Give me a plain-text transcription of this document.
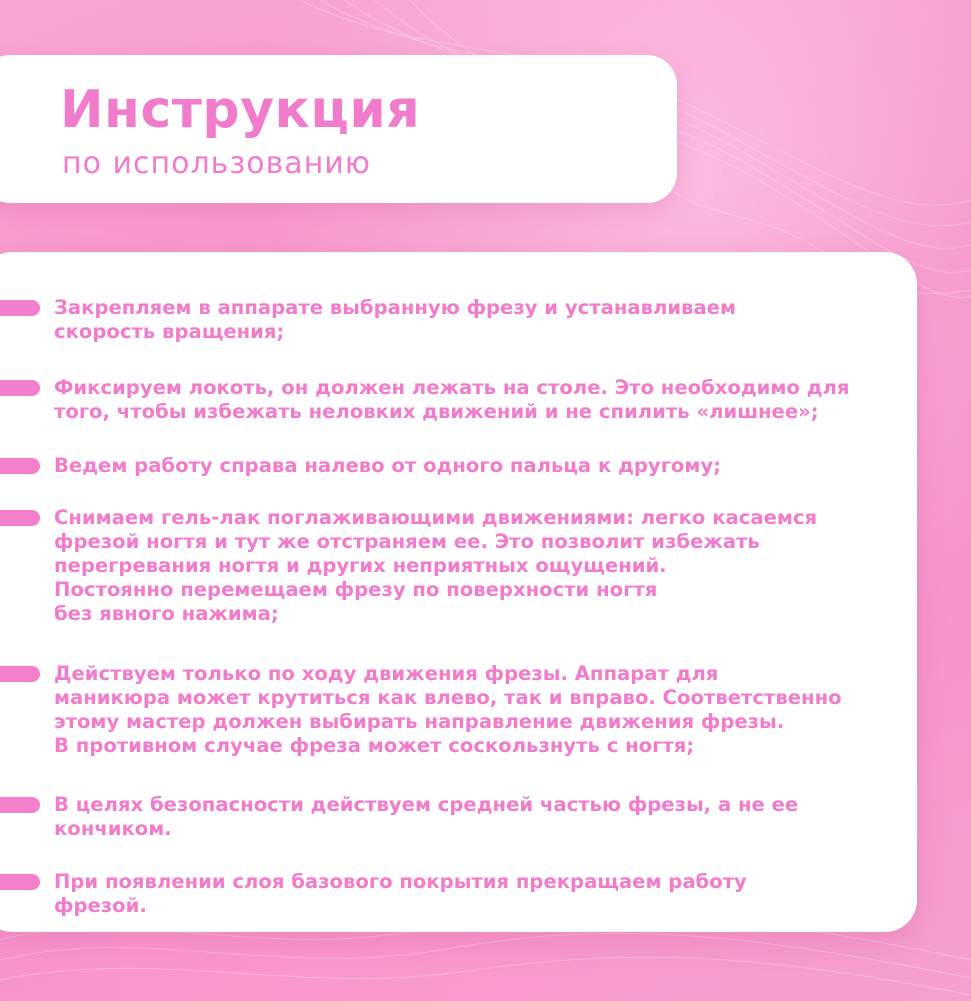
Инструкция
по использованию
Закрепляем в аппарате выбранную фрезу и устанавливаем
скорость вращения;
Фиксируем локоть, он должен лежать на столе. Это необходимо для
того, чтобы избежать неловких движений и не спилить «лишнее»;
Ведем работу справа налево от одного пальца к другому;
Снимаем гель-лак поглаживающими движениями: легко касаемся
фрезой ногтя и тут же отстраняем ее. Это позволит избежать
перегревания ногтя и других неприятных ощущений.
Постоянно перемещаем фрезу по поверхности ногтя
без явного нажима;
Действуем только по ходу движения фрезы. Аппарат для
маникюра может крутиться как влево, так и вправо. Соответственно
этому мастер должен выбирать направление движения фрезы.
В противном случае фреза может соскользнуть с ногтя;
В целях безопасности действуем средней частью фрезы, а не ее
кончиком.
При появлении слоя базового покрытия прекращаем работу
фрезой.
